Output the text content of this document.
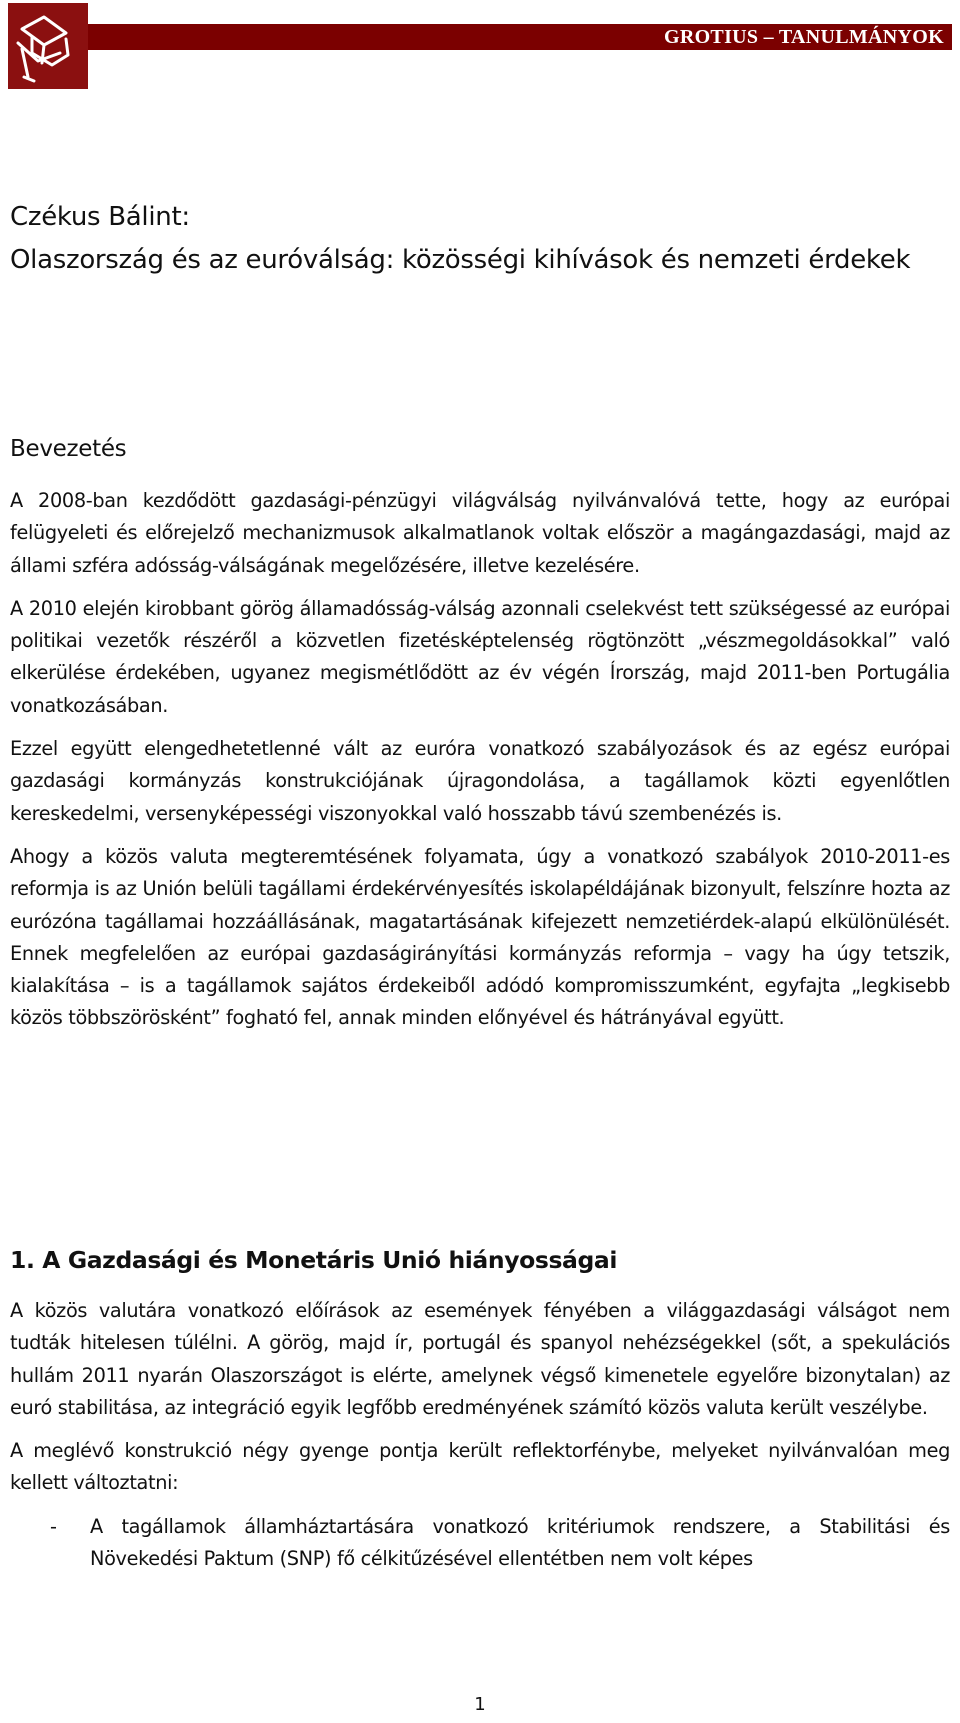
GROTIUS – TANULMÁNYOK
Czékus Bálint:
Olaszország és az euróválság: közösségi kihívások és nemzeti érdekek
Bevezetés

A 2008-ban kezdődött gazdasági-pénzügyi világválság nyilvánvalóvá tette, hogy az európai felügyeleti és előrejelző mechanizmusok alkalmatlanok voltak először a magángazdasági, majd az állami szféra adósság-válságának megelőzésére, illetve kezelésére.

A 2010 elején kirobbant görög államadósság-válság azonnali cselekvést tett szükségessé az európai politikai vezetők részéről a közvetlen fizetésképtelenség rögtönzött „vészmegoldásokkal” való elkerülése érdekében, ugyanez megismétlődött az év végén Írország, majd 2011-ben Portugália vonatkozásában.

Ezzel együtt elengedhetetlenné vált az euróra vonatkozó szabályozások és az egész európai gazdasági kormányzás konstrukciójának újragondolása, a tagállamok közti egyenlőtlen kereskedelmi, versenyképességi viszonyokkal való hosszabb távú szembenézés is.

Ahogy a közös valuta megteremtésének folyamata, úgy a vonatkozó szabályok 2010-2011-es reformja is az Unión belüli tagállami érdekérvényesítés iskolapéldájának bizonyult, felszínre hozta az eurózóna tagállamai hozzáállásának, magatartásának kifejezett nemzetiérdek-alapú elkülönülését. Ennek megfelelően az európai gazdaságirányítási kormányzás reformja – vagy ha úgy tetszik, kialakítása – is a tagállamok sajátos érdekeiből adódó kompromisszumként, egyfajta „legkisebb közös többszörösként” fogható fel, annak minden előnyével és hátrányával együtt.

1. A Gazdasági és Monetáris Unió hiányosságai

A közös valutára vonatkozó előírások az események fényében a világgazdasági válságot nem tudták hitelesen túlélni. A görög, majd ír, portugál és spanyol nehézségekkel (sőt, a spekulációs hullám 2011 nyarán Olaszországot is elérte, amelynek végső kimenetele egyelőre bizonytalan) az euró stabilitása, az integráció egyik legfőbb eredményének számító közös valuta került veszélybe.

A meglévő konstrukció négy gyenge pontja került reflektorfénybe, melyeket nyilvánvalóan meg kellett változtatni:

-	A tagállamok államháztartására vonatkozó kritériumok rendszere, a Stabilitási és Növekedési Paktum (SNP) fő célkitűzésével ellentétben nem volt képes
1
